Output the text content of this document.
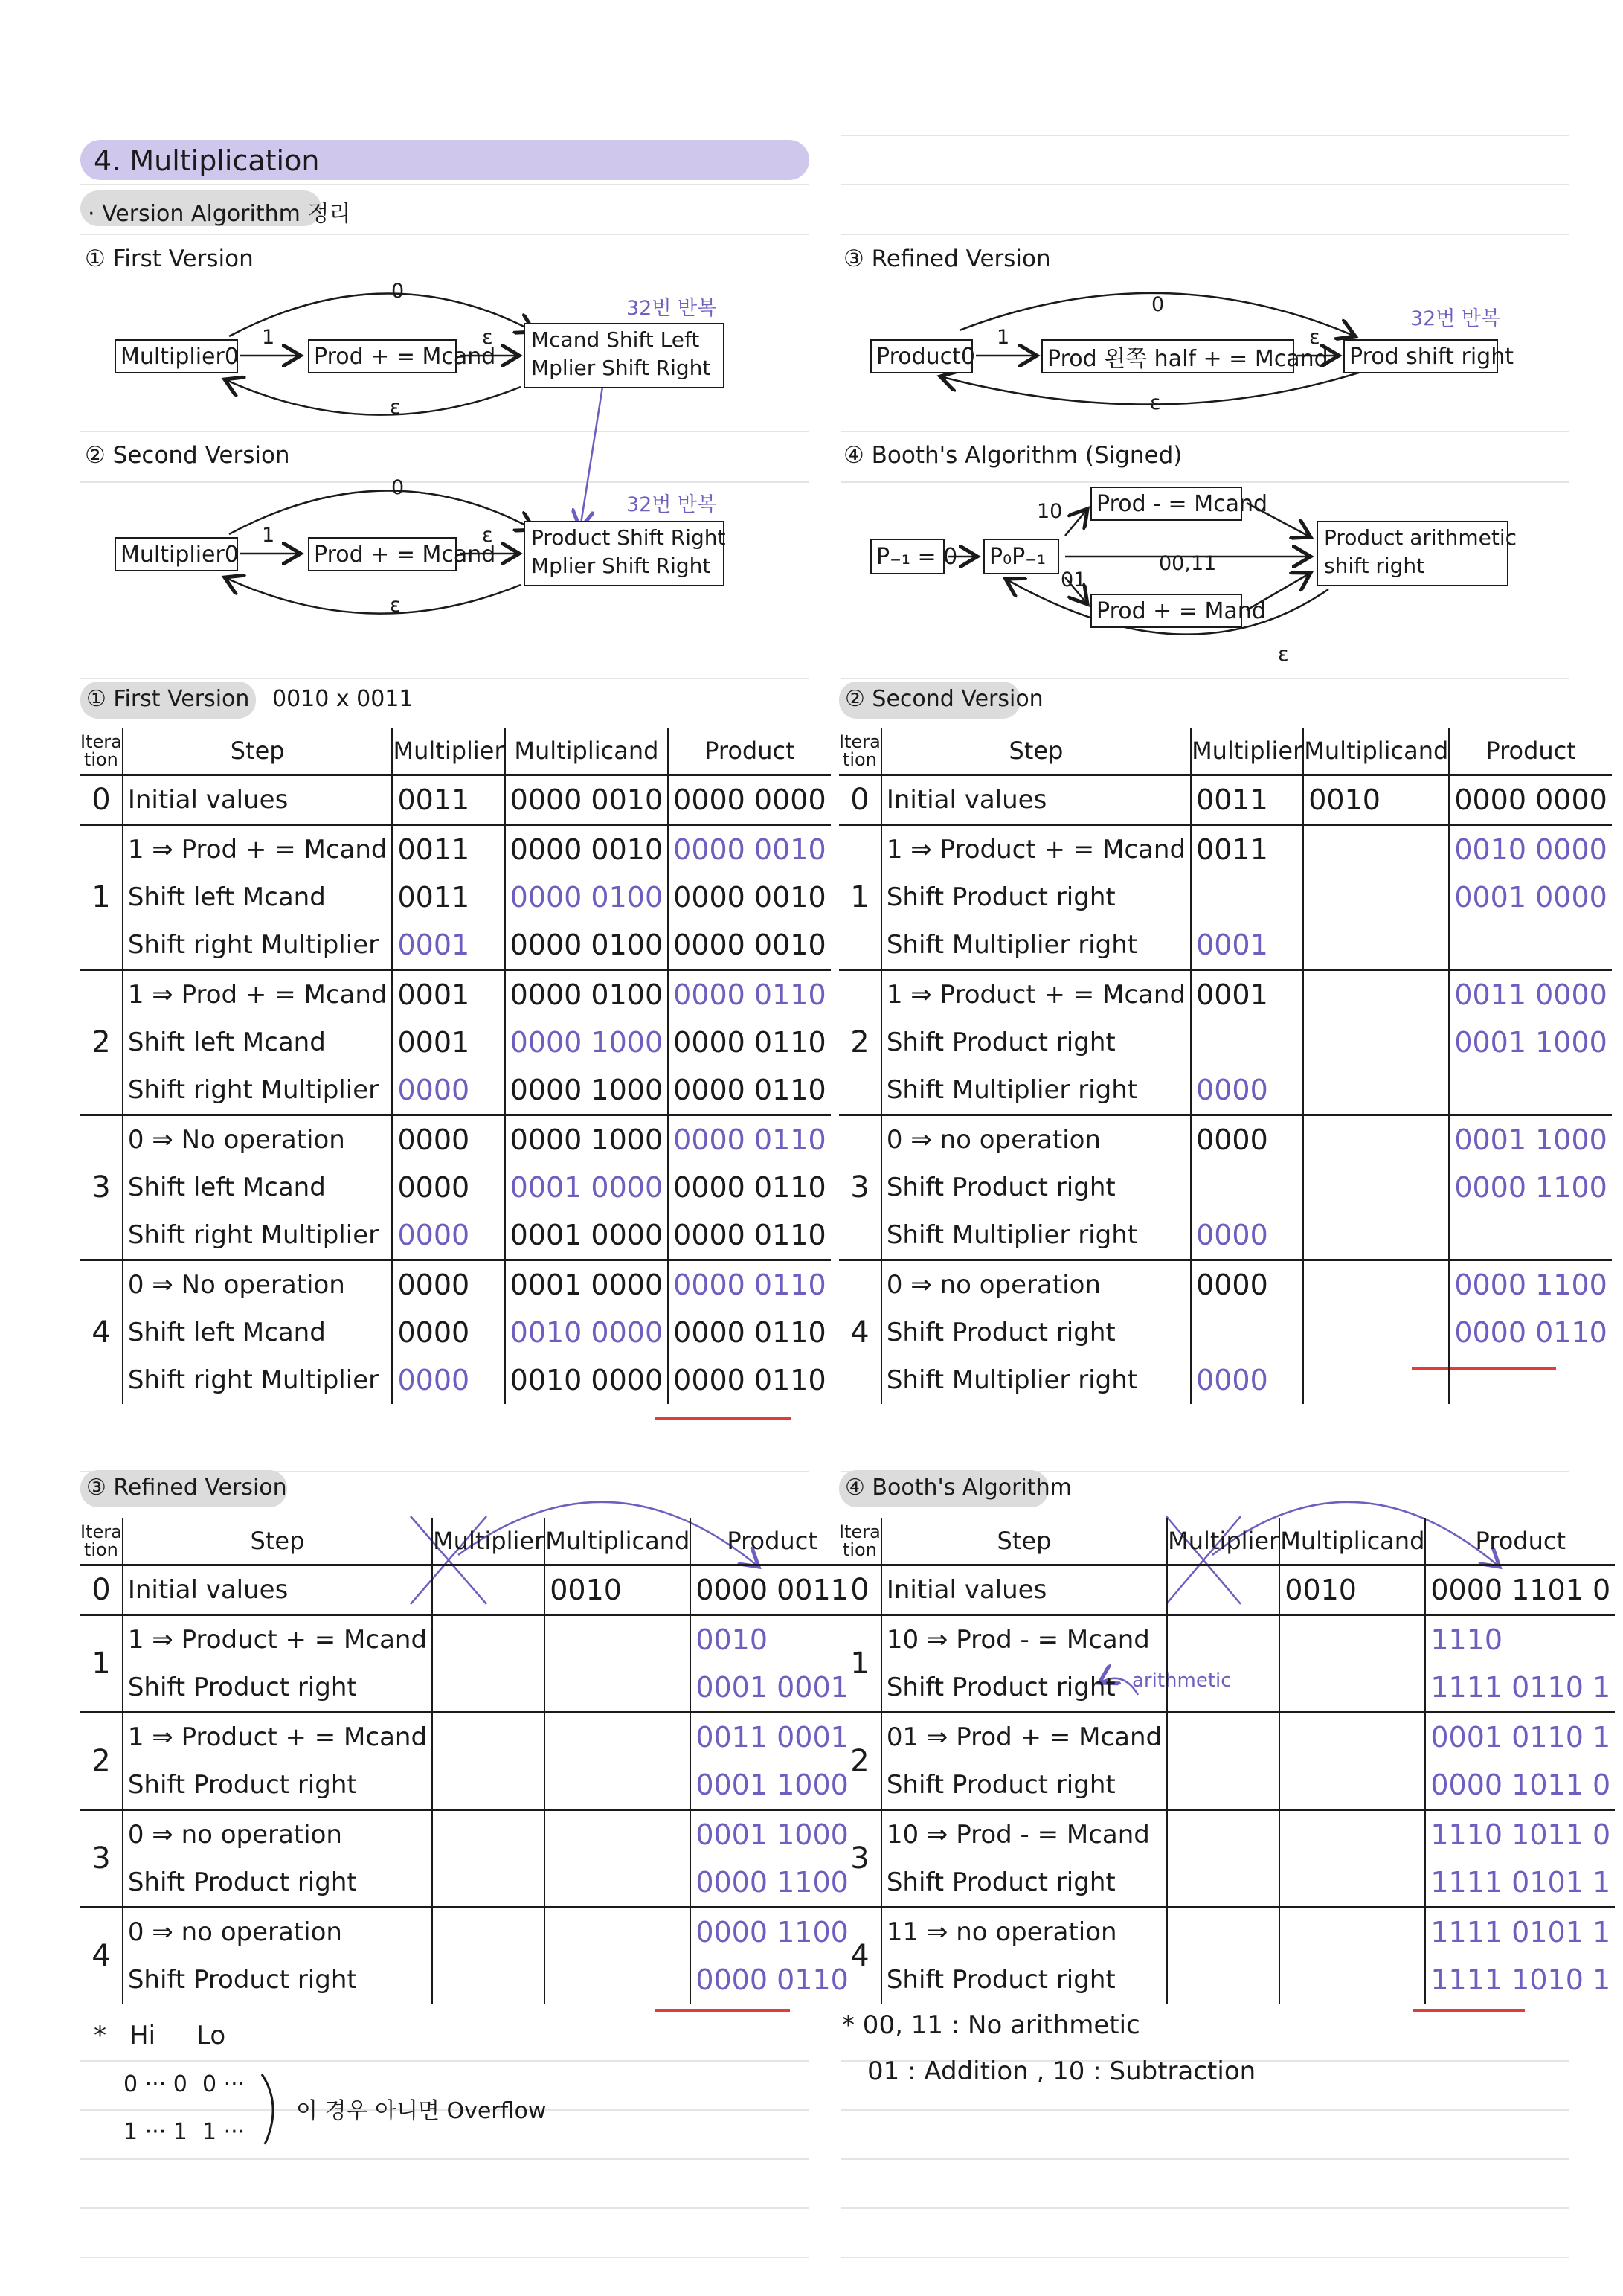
4. Multiplication
· Version Algorithm 정리
① First Version
Multiplier0	Prod + = Mcand
Mcand Shift Left
Mplier Shift Right
1
0
ε
ε
32번 반복
② Second Version
Multiplier0	Prod + = Mcand
Product Shift Right
Mplier Shift Right
1
0
ε
ε
32번 반복
③ Refined Version
Product0	Prod 왼쪽 half + = Mcand Prod shift right
1
0
ε
ε
32번 반복
④ Booth's Algorithm (Signed)
P₋₁ = 0 P₀P₋₁
Prod - = Mcand
Prod + = Mand
Product arithmetic
shift right
10
01
00,11
ε
① First Version 0010 x 0011	② Second Version
③ Refined Version	④ Booth's Algorithm
arithmetic
Itera tion	Step	Multiplier	Multiplicand	Product
0	Initial values	0011	0000 0010	0000 0000
1	1 ⇒ Prod + = Mcand	0011	0000 0010	0000 0010
	Shift left Mcand	0011	0000 0100	0000 0010
	Shift right Multiplier	0001	0000 0100	0000 0010
2	1 ⇒ Prod + = Mcand	0001	0000 0100	0000 0110
	Shift left Mcand	0001	0000 1000	0000 0110
	Shift right Multiplier	0000	0000 1000	0000 0110
3	0 ⇒ No operation	0000	0000 1000	0000 0110
	Shift left Mcand	0000	0001 0000	0000 0110
	Shift right Multiplier	0000	0001 0000	0000 0110
4	0 ⇒ No operation	0000	0001 0000	0000 0110
	Shift left Mcand	0000	0010 0000	0000 0110
	Shift right Multiplier	0000	0010 0000	0000 0110
Itera tion	Step	Multiplier	Multiplicand	Product
0	Initial values	0011	0010	0000 0000
1	1 ⇒ Product + = Mcand	0011		0010 0000
	Shift Product right			0001 0000
	Shift Multiplier right	0001		
2	1 ⇒ Product + = Mcand	0001		0011 0000
	Shift Product right			0001 1000
	Shift Multiplier right	0000		
3	0 ⇒ no operation	0000		0001 1000
	Shift Product right			0000 1100
	Shift Multiplier right	0000		
4	0 ⇒ no operation	0000		0000 1100
	Shift Product right			0000 0110
	Shift Multiplier right	0000		
Itera tion	Step	Multiplier	Multiplicand	Product
0	Initial values		0010	0000 0011
1	1 ⇒ Product + = Mcand			0010
	Shift Product right			0001 0001
2	1 ⇒ Product + = Mcand			0011 0001
	Shift Product right			0001 1000
3	0 ⇒ no operation			0001 1000
	Shift Product right			0000 1100
4	0 ⇒ no operation			0000 1100
	Shift Product right			0000 0110
Itera tion	Step	Multiplier	Multiplicand	Product
0	Initial values		0010	0000 1101 0
1	10 ⇒ Prod - = Mcand			1110
	Shift Product right			1111 0110 1
2	01 ⇒ Prod + = Mcand			0001 0110 1
	Shift Product right			0000 1011 0
3	10 ⇒ Prod - = Mcand			1110 1011 0
	Shift Product right			1111 0101 1
4	11 ⇒ no operation			1111 0101 1
	Shift Product right			1111 1010 1
* Hi Lo
0 ··· 0 0 ···
1 ··· 1 1 ···
이 경우 아니면 Overflow
* 00, 11 : No arithmetic
01 : Addition , 10 : Subtraction
